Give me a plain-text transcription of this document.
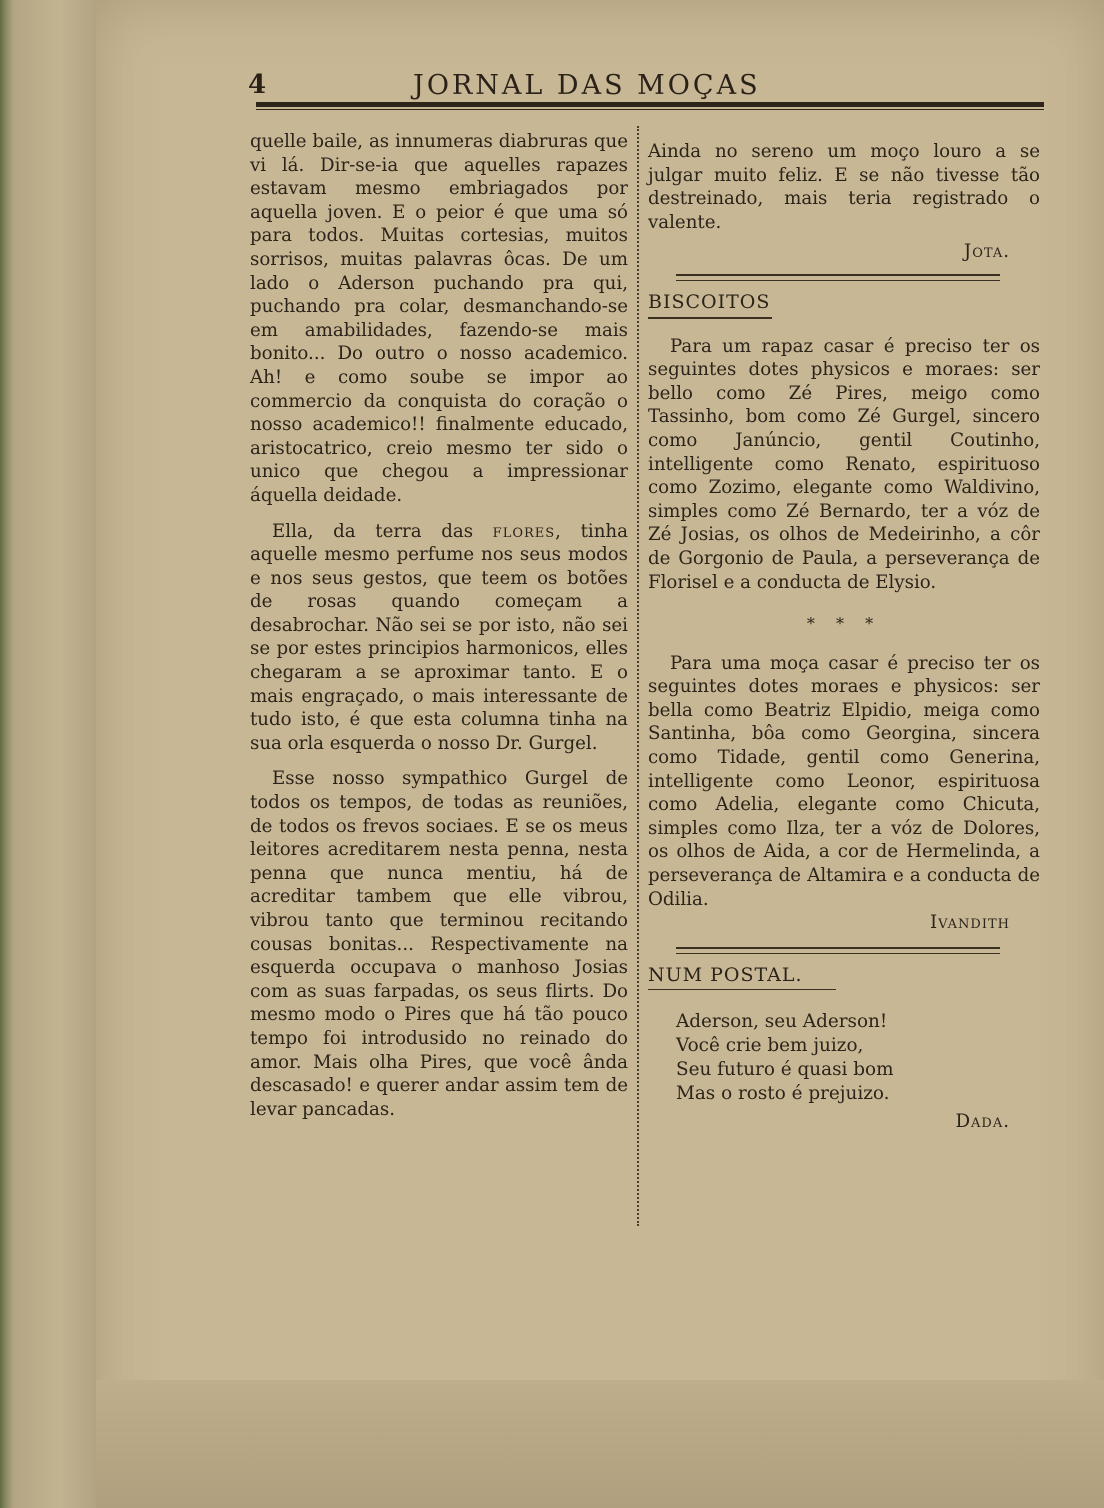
4	JORNAL DAS MOÇAS

quelle baile, as innumeras diabruras que vi lá. Dir-se-ia que aquelles rapazes estavam mesmo embriagados por aquella joven. E o peior é que uma só para todos. Muitas cortesias, muitos sorrisos, muitas palavras ôcas. De um lado o Aderson puchando pra qui, puchando pra colar, desmanchando-se em amabilidades, fazendo-se mais bonito... Do outro o nosso academico. Ah! e como soube se impor ao commercio da conquista do coração o nosso academico!! finalmente educado, aristocatrico, creio mesmo ter sido o unico que chegou a impressionar áquella deidade.

Ella, da terra das flores, tinha aquelle mesmo perfume nos seus modos e nos seus gestos, que teem os botões de rosas quando começam a desabrochar. Não sei se por isto, não sei se por estes principios harmonicos, elles chegaram a se aproximar tanto. E o mais engraçado, o mais interessante de tudo isto, é que esta columna tinha na sua orla esquerda o nosso Dr. Gurgel.

Esse nosso sympathico Gurgel de todos os tempos, de todas as reuniões, de todos os frevos sociaes. E se os meus leitores acreditarem nesta penna, nesta penna que nunca mentiu, há de acreditar tambem que elle vibrou, vibrou tanto que terminou recitando cousas bonitas... Respectivamente na esquerda occupava o manhoso Josias com as suas farpadas, os seus flirts. Do mesmo modo o Pires que há tão pouco tempo foi introdusido no reinado do amor. Mais olha Pires, que você ânda descasado! e querer andar assim tem de levar pancadas.

Ainda no sereno um moço louro a se julgar muito feliz. E se não tivesse tão destreinado, mais teria registrado o valente.

Jota.

BISCOITOS

Para um rapaz casar é preciso ter os seguintes dotes physicos e moraes: ser bello como Zé Pires, meigo como Tassinho, bom como Zé Gurgel, sincero como Janúncio, gentil Coutinho, intelligente como Renato, espirituoso como Zozimo, elegante como Waldivino, simples como Zé Bernardo, ter a vóz de Zé Josias, os olhos de Medeirinho, a côr de Gorgonio de Paula, a perseverança de Florisel e a conducta de Elysio.

* * *

Para uma moça casar é preciso ter os seguintes dotes moraes e physicos: ser bella como Beatriz Elpidio, meiga como Santinha, bôa como Georgina, sincera como Tidade, gentil como Generina, intelligente como Leonor, espirituosa como Adelia, elegante como Chicuta, simples como Ilza, ter a vóz de Dolores, os olhos de Aida, a cor de Hermelinda, a perseverança de Altamira e a conducta de Odilia.

Ivandith

NUM POSTAL.
Aderson, seu Aderson!
Você crie bem juizo,
Seu futuro é quasi bom
Mas o rosto é prejuizo.

Dada.
